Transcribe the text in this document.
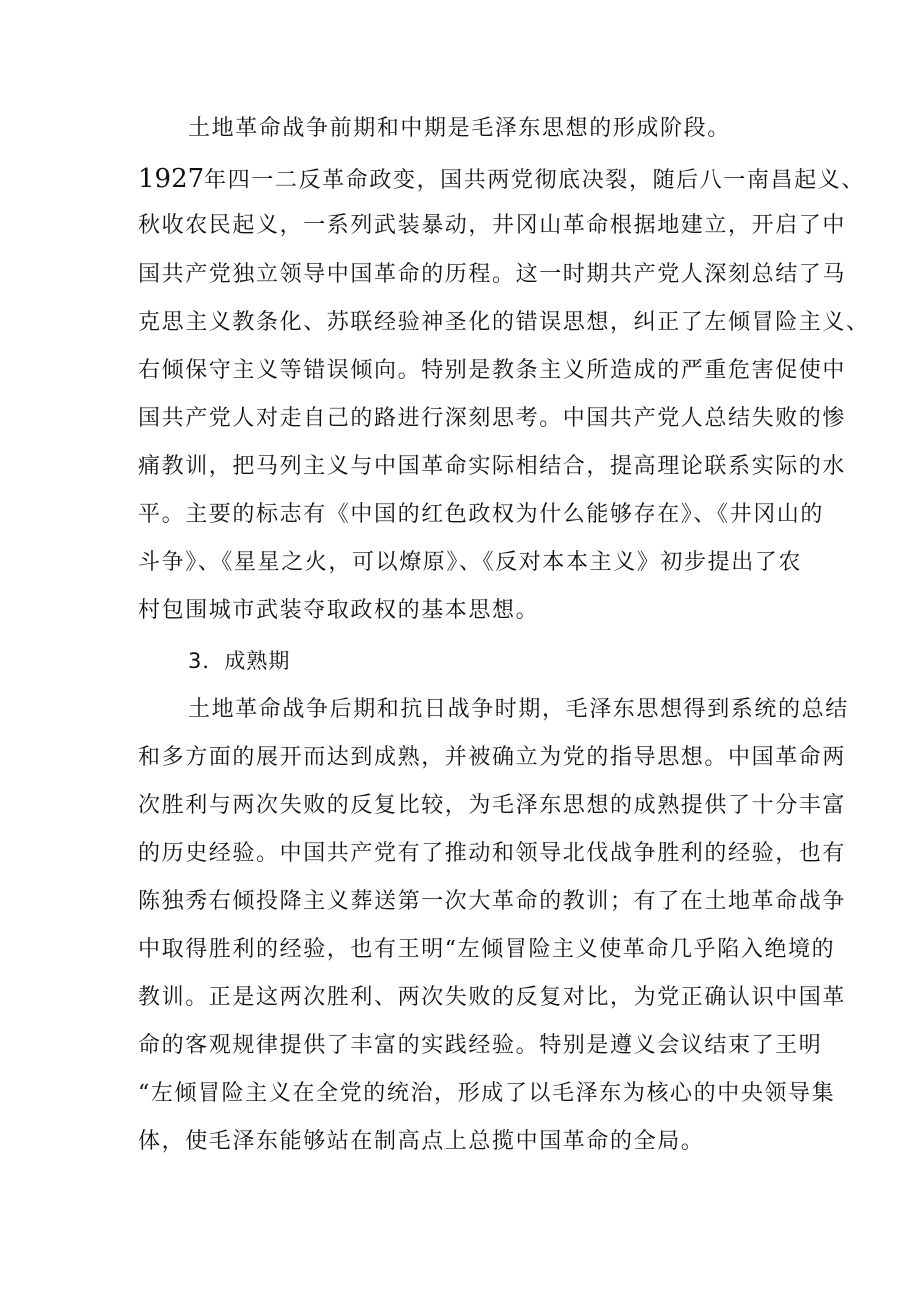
土地革命战争前期和中期是毛泽东思想的形成阶段。
1927年四一二反革命政变，国共两党彻底决裂，随后八一南昌起义、
秋收农民起义，一系列武装暴动，井冈山革命根据地建立，开启了中
国共产党独立领导中国革命的历程。这一时期共产党人深刻总结了马
克思主义教条化、苏联经验神圣化的错误思想，纠正了左倾冒险主义、
右倾保守主义等错误倾向。特别是教条主义所造成的严重危害促使中
国共产党人对走自己的路进行深刻思考。中国共产党人总结失败的惨
痛教训，把马列主义与中国革命实际相结合，提高理论联系实际的水
平。主要的标志有《中国的红色政权为什么能够存在》、《井冈山的
斗争》、《星星之火，可以燎原》、《反对本本主义》初步提出了农
村包围城市武装夺取政权的基本思想。
3．成熟期
土地革命战争后期和抗日战争时期，毛泽东思想得到系统的总结
和多方面的展开而达到成熟，并被确立为党的指导思想。中国革命两
次胜利与两次失败的反复比较，为毛泽东思想的成熟提供了十分丰富
的历史经验。中国共产党有了推动和领导北伐战争胜利的经验，也有
陈独秀右倾投降主义葬送第一次大革命的教训；有了在土地革命战争
中取得胜利的经验，也有王明“左倾冒险主义使革命几乎陷入绝境的
教训。正是这两次胜利、两次失败的反复对比，为党正确认识中国革
命的客观规律提供了丰富的实践经验。特别是遵义会议结束了王明
“左倾冒险主义在全党的统治，形成了以毛泽东为核心的中央领导集
体，使毛泽东能够站在制高点上总揽中国革命的全局。
